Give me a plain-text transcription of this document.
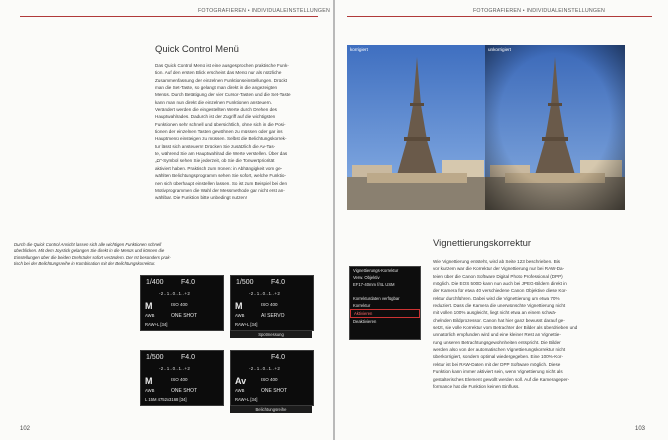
FOTOGRAFIEREN • INDIVIDUALEINSTELLUNGEN
Quick Control Menü
Das Quick Control Menü ist eine ausgesprochen praktische Funk-
tion. Auf den ersten Blick erscheint das Menü nur als nützliche
Zusammenfassung der einzelnen Funktionseinstellungen. Drückt
man die Set-Taste, so gelangt man direkt in die angezeigten
Menüs. Durch Betätigung der vier Cursor-Tasten und die Set-Taste
kann man nun direkt die einzelnen Funktionen ansteuern.
Verändert werden die eingestellten Werte durch Drehen des
Hauptwahlrades. Dadurch ist der Zugriff auf die wichtigsten
Funktionen sehr schnell und übersichtlich, ohne sich in die Posi-
tionen der einzelnen Tasten gewöhnen zu müssen oder gar ins
Hauptmenü einsteigen zu müssen. Selbst die Belichtungskorrek-
tur lässt sich ansteuern! Drücken Sie zusätzlich die Av-Tas-
te, während Sie am Hauptwahlrad die Werte verstellen. Über das
„Ω"-Symbol sehen Sie jederzeit, ob Sie die Tonwertpriorität
aktiviert haben. Praktisch zum Ironen: in Abhängigkeit vom ge-
wählten Belichtungsprogramm sehen Sie sofort, welche Funktio-
nen sich überhaupt einstellen lassen. So ist zum Beispiel bei den
Motivprogrammen die Wahl der Messmethode gar nicht erst an-
wählbar. Die Funktion bitte unbedingt nutzen!
Durch die Quick Control Ansicht lassen sich alle wichtigen Funktionen schnell
überblicken. Mit dem Joystick gelangen Sie direkt in die Menüs und können die
Einstellungen über die beiden Drehräder sofort verändern. Der Ist besonders prak-
tisch bei der Belichtungsreihe in Kombination mit der Belichtungskorrektur.
1/400 F4.0
-2..1..0..1..+2
M	ISO 400
AWB	ONE SHOT
RAW+L [34]
1/500 F4.0
-2..1..0..1..+2
M	ISO 400
AWB	AI SERVO
RAW+L [34]
Spotmessung
1/500 F4.0
-2..1..0..1..+2
M	ISO 400
AWB	ONE SHOT
L 15M 4752x3168 [34]
F4.0
-2..1..0..1..+2
Av	ISO 400
AWB	ONE SHOT
RAW+L [34]
Belichtungsreihe
102
FOTOGRAFIEREN • INDIVIDUALEINSTELLUNGEN
korrigiert	unkorrigiert
Vignettierungskorrektur
Vignettierungs-Korrektur
Verw. Objektiv
EF17-40mm f/4L USM

Korrekturdaten verfügbar
Korrektur
Aktivieren
Deaktivieren
Wie Vignettierung entsteht, wird ab Seite 123 beschrieben. Bis
vor kurzem war die Korrektur der Vignettierung nur bei RAW-Da-
teien über die Canon Software Digital Photo Professional (DPP)
möglich. Die EOS 500D kann nun auch bei JPEG-Bildern direkt in
der Kamera für etwa 40 verschiedene Canon Objektive diese Kor-
rektur durchführen. Dabei wird die Vignettierung um etwa 70%
reduziert. Dass die Kamera die unerwünschte Vignettierung nicht
mit vollen 100% ausgleicht, liegt nicht etwa an einem schwä-
chelnden Bildprozessor. Canon hat hier ganz bewusst darauf ge-
setzt, sie volle Korrektur vom Betrachter der Bilder als überdrieben und
unnatürlich empfunden wird und eine kleiner Rest an Vignettie-
rung unseren Betrachtungsgewohnheiten entspricht. Die Bilder
werden also von der automatischen Vignettierungskorrektur nicht
überkorrigiert, sondern optimal wiedergegeben. Eine 100%-Kor-
rektur ist bei RAW-Daten mit der DPP Software möglich. Diese
Funktion kann immer aktiviert sein, wenn Vignettierung nicht als
gestalterisches Element gewollt werden soll. Auf die Kamerageper-
formance hat die Funktion keinen Einfluss.
103
